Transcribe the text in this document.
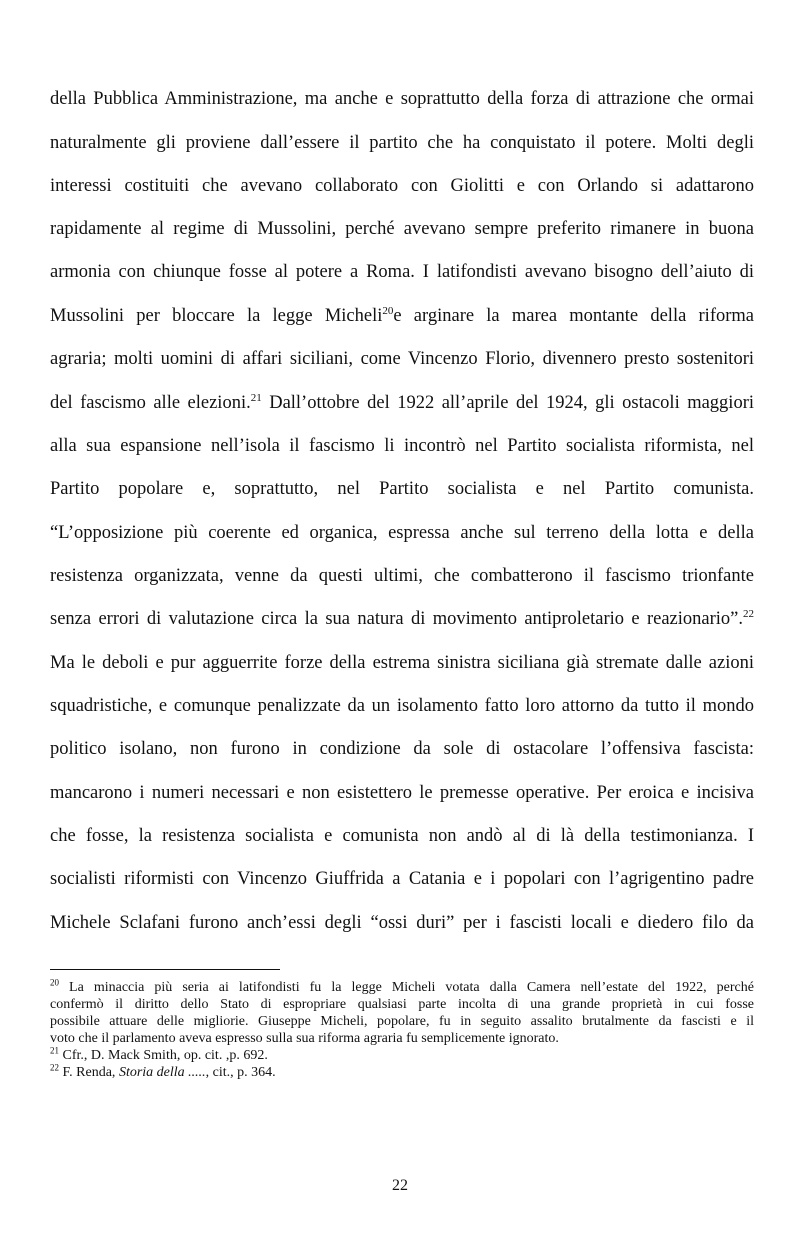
della Pubblica Amministrazione, ma anche e soprattutto della forza di attrazione che ormai
naturalmente gli proviene dall’essere il partito che ha conquistato il potere. Molti degli
interessi costituiti che avevano collaborato con Giolitti e con Orlando si adattarono
rapidamente al regime di Mussolini, perché avevano sempre preferito rimanere in buona
armonia con chiunque fosse al potere a Roma. I latifondisti avevano bisogno dell’aiuto di
Mussolini per bloccare la legge Micheli$^{20}$e arginare la marea montante della riforma
agraria; molti uomini di affari siciliani, come Vincenzo Florio, divennero presto sostenitori
del fascismo alle elezioni.$^{21}$ Dall’ottobre del 1922 all’aprile del 1924, gli ostacoli maggiori
alla sua espansione nell’isola il fascismo li incontrò nel Partito socialista riformista, nel
Partito popolare e, soprattutto, nel Partito socialista e nel Partito comunista.
“L’opposizione più coerente ed organica, espressa anche sul terreno della lotta e della
resistenza organizzata, venne da questi ultimi, che combatterono il fascismo trionfante
senza errori di valutazione circa la sua natura di movimento antiproletario e reazionario”.$^{22}$
Ma le deboli e pur agguerrite forze della estrema sinistra siciliana già stremate dalle azioni
squadristiche, e comunque penalizzate da un isolamento fatto loro attorno da tutto il mondo
politico isolano, non furono in condizione da sole di ostacolare l’offensiva fascista:
mancarono i numeri necessari e non esistettero le premesse operative. Per eroica e incisiva
che fosse, la resistenza socialista e comunista non andò al di là della testimonianza. I
socialisti riformisti con Vincenzo Giuffrida a Catania e i popolari con l’agrigentino padre
Michele Sclafani furono anch’essi degli “ossi duri” per i fascisti locali e diedero filo da
$^{20}$ La minaccia più seria ai latifondisti fu la legge Micheli votata dalla Camera nell’estate del 1922, perché
confermò il diritto dello Stato di espropriare qualsiasi parte incolta di una grande proprietà in cui fosse
possibile attuare delle migliorie. Giuseppe Micheli, popolare, fu in seguito assalito brutalmente da fascisti e il
voto che il parlamento aveva espresso sulla sua riforma agraria fu semplicemente ignorato.
$^{21}$ Cfr., D. Mack Smith, op. cit. ,p. 692.
$^{22}$ F. Renda, Storia della ....., cit., p. 364.
22
